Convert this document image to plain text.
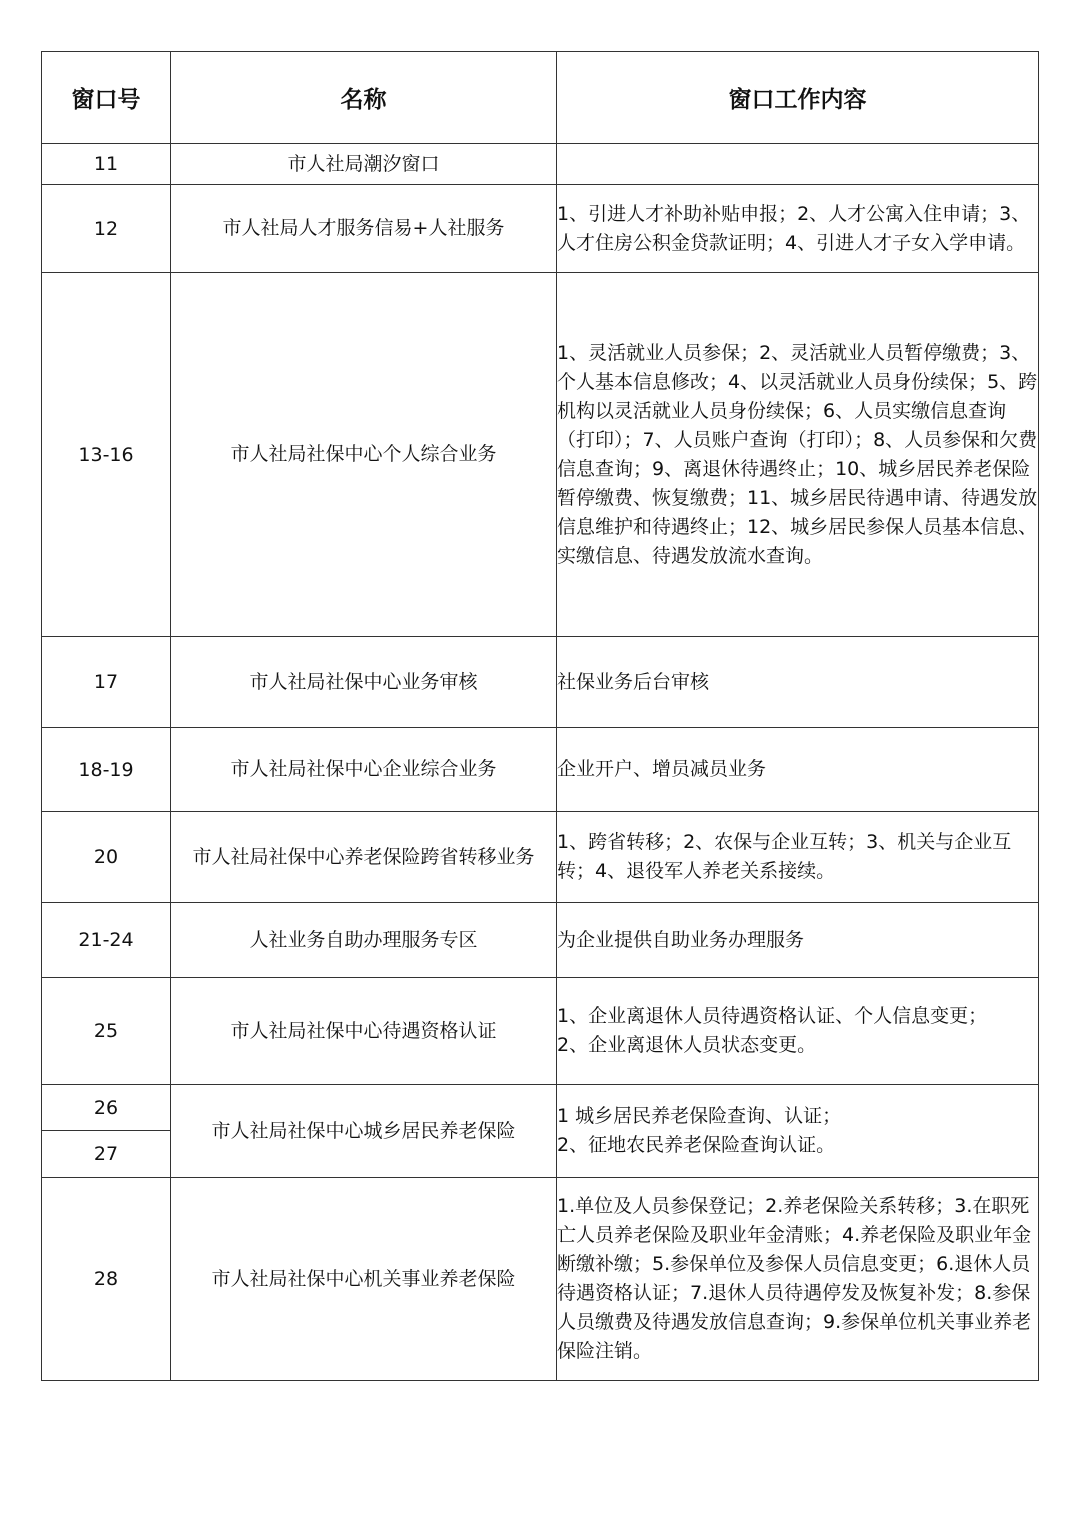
窗口号	名称	窗口工作内容
11	市人社局潮汐窗口	

12	市人社局人才服务信易+人社服务	1、引进人才补助补贴申报；2、人才公寓入住申请；3、人才住房公积金贷款证明；4、引进人才子女入学申请。

13-16	市人社局社保中心个人综合业务	1、灵活就业人员参保；2、灵活就业人员暂停缴费；3、个人基本信息修改；4、以灵活就业人员身份续保；5、跨机构以灵活就业人员身份续保；6、人员实缴信息查询（打印）；7、人员账户查询（打印）；8、人员参保和欠费信息查询；9、离退休待遇终止；10、城乡居民养老保险暂停缴费、恢复缴费；11、城乡居民待遇申请、待遇发放信息维护和待遇终止；12、城乡居民参保人员基本信息、实缴信息、待遇发放流水查询。

17	市人社局社保中心业务审核	社保业务后台审核

18-19	市人社局社保中心企业综合业务	企业开户、增员减员业务

20	市人社局社保中心养老保险跨省转移业务	1、跨省转移；2、农保与企业互转；3、机关与企业互转；4、退役军人养老关系接续。

21-24	人社业务自助办理服务专区	为企业提供自助业务办理服务

25	市人社局社保中心待遇资格认证	1、企业离退休人员待遇资格认证、个人信息变更；
2、企业离退休人员状态变更。

26	市人社局社保中心城乡居民养老保险	1 城乡居民养老保险查询、认证；
2、征地农民养老保险查询认证。

27		
28	市人社局社保中心机关事业养老保险	1.单位及人员参保登记；2.养老保险关系转移；3.在职死亡人员养老保险及职业年金清账；4.养老保险及职业年金断缴补缴；5.参保单位及参保人员信息变更；6.退休人员待遇资格认证；7.退休人员待遇停发及恢复补发；8.参保人员缴费及待遇发放信息查询；9.参保单位机关事业养老保险注销。
